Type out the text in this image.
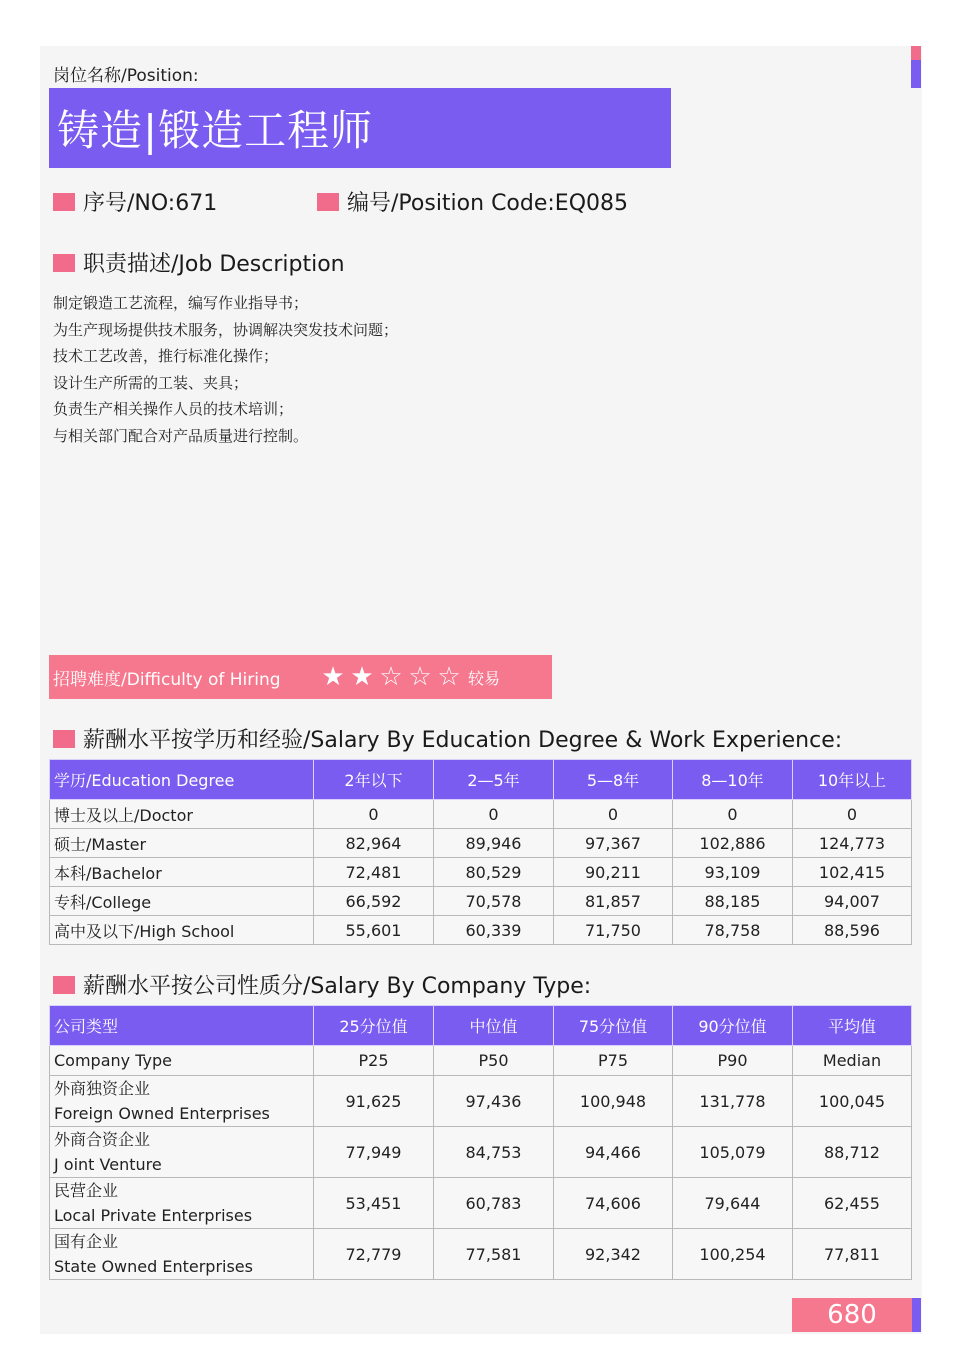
岗位名称/Position:
铸造|锻造工程师
序号/NO:671	编号/Position Code:EQ085
职责描述/Job Description
制定锻造工艺流程，编写作业指导书；
为生产现场提供技术服务，协调解决突发技术问题；
技术工艺改善，推行标准化操作；
设计生产所需的工装、夹具；
负责生产相关操作人员的技术培训；
与相关部门配合对产品质量进行控制。
招聘难度/Difficulty of Hiring	★ ★ ☆ ☆ ☆ 较易
薪酬水平按学历和经验/Salary By Education Degree & Work Experience:
学历/Education Degree	2年以下	2—5年	5—8年	8—10年	10年以上
博士及以上/Doctor	0	0	0	0	0
硕士/Master	82,964	89,946	97,367	102,886	124,773
本科/Bachelor	72,481	80,529	90,211	93,109	102,415
专科/College	66,592	70,578	81,857	88,185	94,007
高中及以下/High School	55,601	60,339	71,750	78,758	88,596
薪酬水平按公司性质分/Salary By Company Type:
公司类型	25分位值	中位值	75分位值	90分位值	平均值
Company Type	P25	P50	P75	P90	Median

外商独资企业
Foreign Owned Enterprises	91,625	97,436	100,948	131,778	100,045

外商合资企业
J oint Venture	77,949	84,753	94,466	105,079	88,712

民营企业
Local Private Enterprises	53,451	60,783	74,606	79,644	62,455

国有企业
State Owned Enterprises	72,779	77,581	92,342	100,254	77,811
680
